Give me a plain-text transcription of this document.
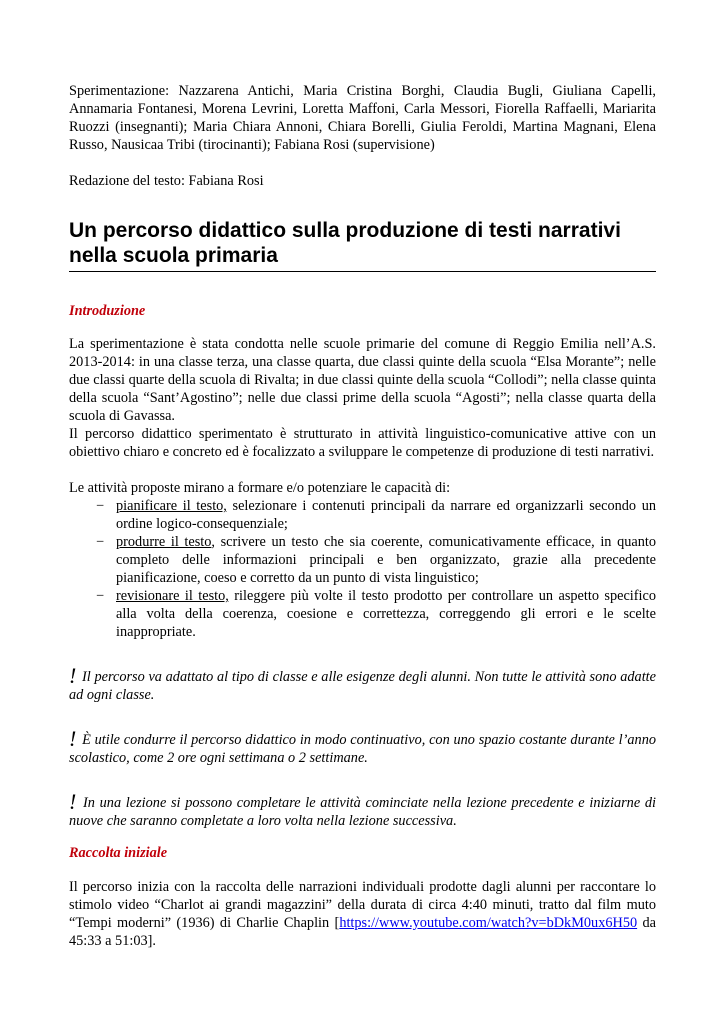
Sperimentazione: Nazzarena Antichi, Maria Cristina Borghi, Claudia Bugli, Giuliana Capelli, Annamaria Fontanesi, Morena Levrini, Loretta Maffoni, Carla Messori, Fiorella Raffaelli, Mariarita Ruozzi (insegnanti); Maria Chiara Annoni, Chiara Borelli, Giulia Feroldi, Martina Magnani, Elena Russo, Nausicaa Tribi (tirocinanti); Fabiana Rosi (supervisione)

Redazione del testo: Fabiana Rosi

Un percorso didattico sulla produzione di testi narrativi nella scuola primaria
Introduzione

La sperimentazione è stata condotta nelle scuole primarie del comune di Reggio Emilia nell’A.S. 2013-2014: in una classe terza, una classe quarta, due classi quinte della scuola “Elsa Morante”; nelle due classi quarte della scuola di Rivalta; in due classi quinte della scuola “Collodi”; nella classe quinta della scuola “Sant’Agostino”; nelle due classi prime della scuola “Agosti”; nella classe quarta della scuola di Gavassa.

Il percorso didattico sperimentato è strutturato in attività linguistico-comunicative attive con un obiettivo chiaro e concreto ed è focalizzato a sviluppare le competenze di produzione di testi narrativi.

Le attività proposte mirano a formare e/o potenziare le capacità di:

− pianificare il testo, selezionare i contenuti principali da narrare ed organizzarli secondo un ordine logico-consequenziale;
− produrre il testo, scrivere un testo che sia coerente, comunicativamente efficace, in quanto completo delle informazioni principali e ben organizzato, grazie alla precedente pianificazione, coeso e corretto da un punto di vista linguistico;
− revisionare il testo, rileggere più volte il testo prodotto per controllare un aspetto specifico alla volta della coerenza, coesione e correttezza, correggendo gli errori e le scelte inappropriate.
! Il percorso va adattato al tipo di classe e alle esigenze degli alunni. Non tutte le attività sono adatte ad ogni classe.
! È utile condurre il percorso didattico in modo continuativo, con uno spazio costante durante l’anno scolastico, come 2 ore ogni settimana o 2 settimane.
! In una lezione si possono completare le attività cominciate nella lezione precedente e iniziarne di nuove che saranno completate a loro volta nella lezione successiva.
Raccolta iniziale

Il percorso inizia con la raccolta delle narrazioni individuali prodotte dagli alunni per raccontare lo stimolo video “Charlot ai grandi magazzini” della durata di circa 4:40 minuti, tratto dal film muto “Tempi moderni” (1936) di Charlie Chaplin [https://www.youtube.com/watch?v=bDkM0ux6H50 da 45:33 a 51:03].
